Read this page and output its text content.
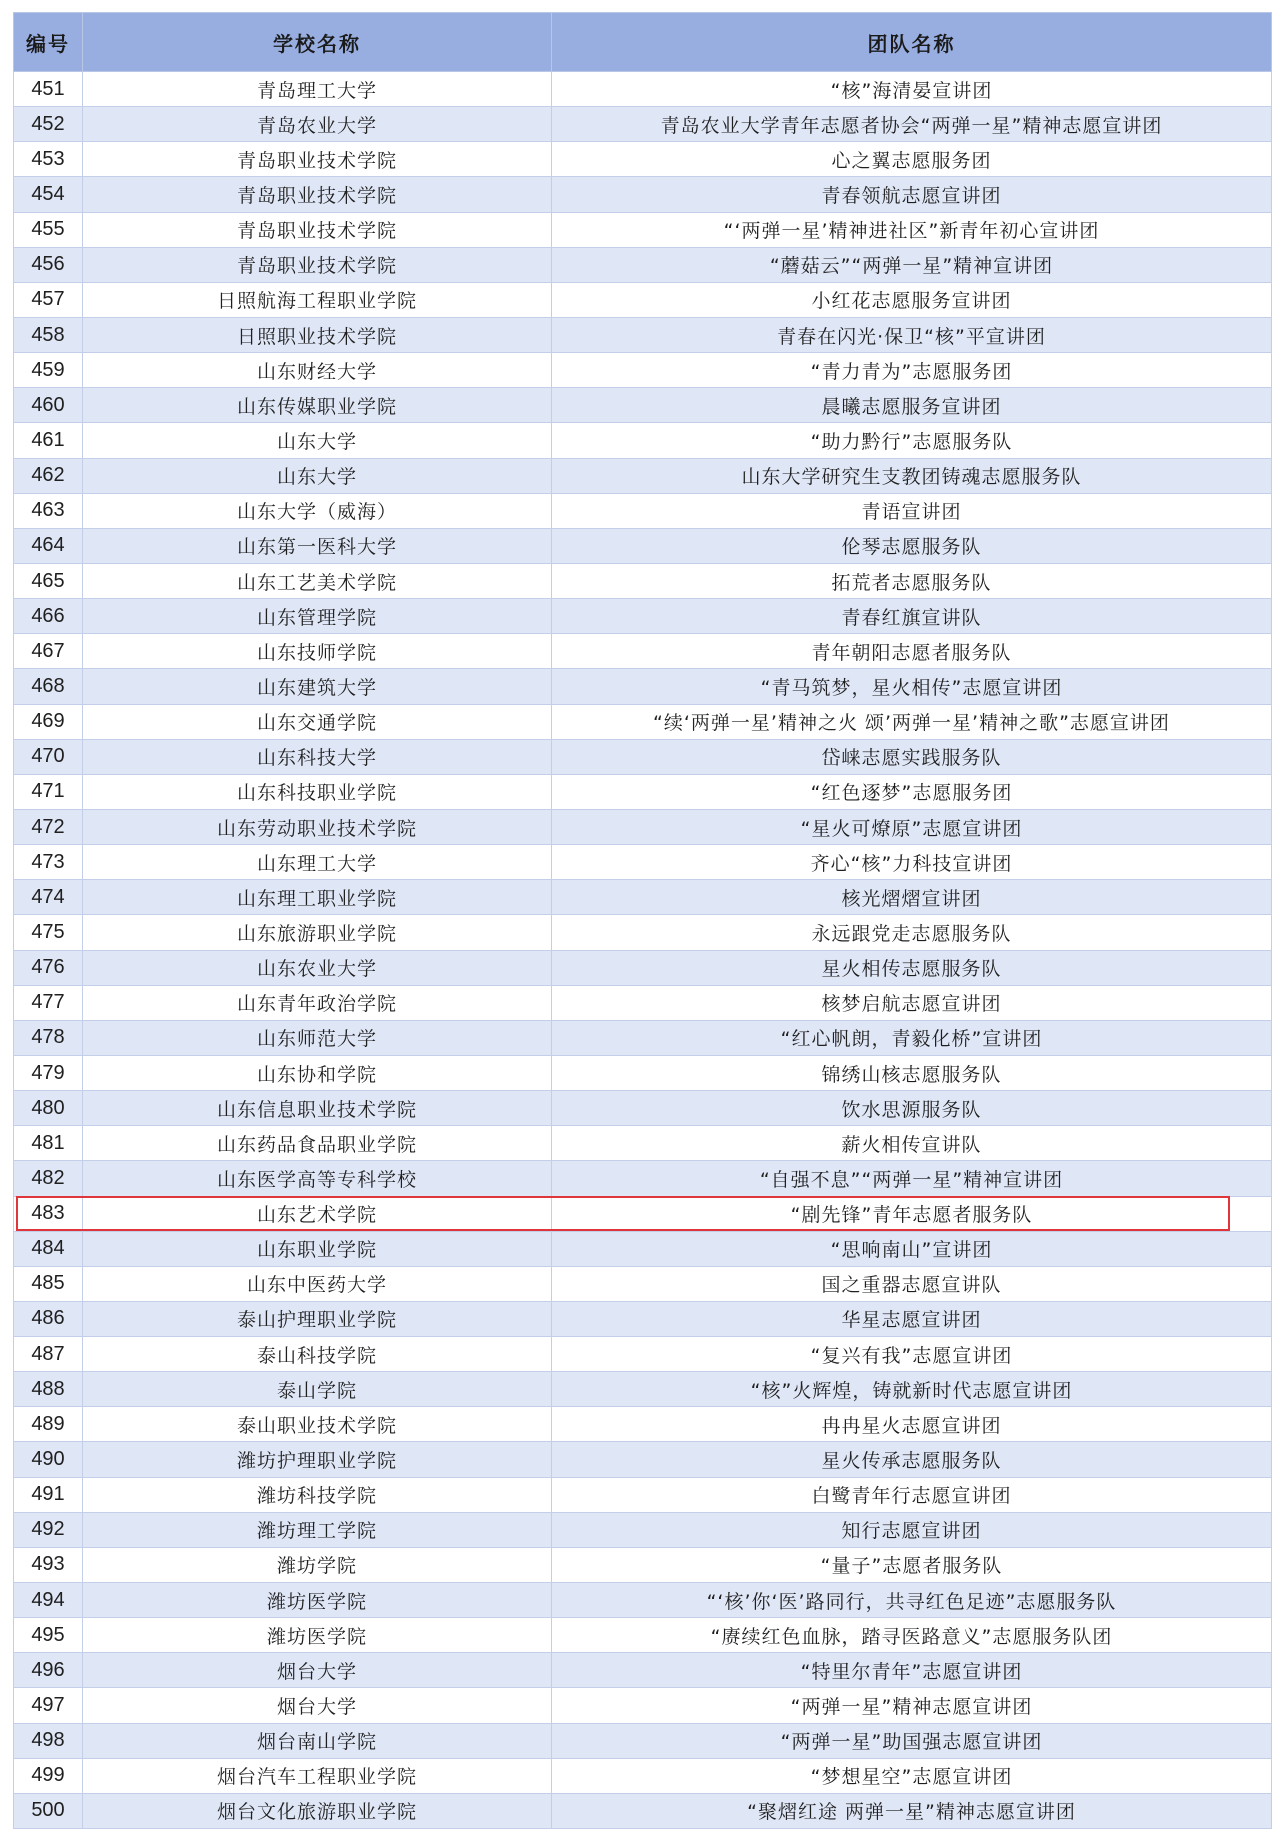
编号	学校名称	团队名称
451	青岛理工大学	“核”海清晏宣讲团
452	青岛农业大学	青岛农业大学青年志愿者协会“两弹一星”精神志愿宣讲团
453	青岛职业技术学院	心之翼志愿服务团
454	青岛职业技术学院	青春领航志愿宣讲团
455	青岛职业技术学院	“‘两弹一星’精神进社区”新青年初心宣讲团
456	青岛职业技术学院	“蘑菇云”“两弹一星”精神宣讲团
457	日照航海工程职业学院	小红花志愿服务宣讲团
458	日照职业技术学院	青春在闪光·保卫“核”平宣讲团
459	山东财经大学	“青力青为”志愿服务团
460	山东传媒职业学院	晨曦志愿服务宣讲团
461	山东大学	“助力黔行”志愿服务队
462	山东大学	山东大学研究生支教团铸魂志愿服务队
463	山东大学（威海）	青语宣讲团
464	山东第一医科大学	伦琴志愿服务队
465	山东工艺美术学院	拓荒者志愿服务队
466	山东管理学院	青春红旗宣讲队
467	山东技师学院	青年朝阳志愿者服务队
468	山东建筑大学	“青马筑梦，星火相传”志愿宣讲团
469	山东交通学院	“续‘两弹一星’精神之火 颂’两弹一星’精神之歌”志愿宣讲团
470	山东科技大学	岱崃志愿实践服务队
471	山东科技职业学院	“红色逐梦”志愿服务团
472	山东劳动职业技术学院	“星火可燎原”志愿宣讲团
473	山东理工大学	齐心“核”力科技宣讲团
474	山东理工职业学院	核光熠熠宣讲团
475	山东旅游职业学院	永远跟党走志愿服务队
476	山东农业大学	星火相传志愿服务队
477	山东青年政治学院	核梦启航志愿宣讲团
478	山东师范大学	“红心帆朗，青毅化桥”宣讲团
479	山东协和学院	锦绣山核志愿服务队
480	山东信息职业技术学院	饮水思源服务队
481	山东药品食品职业学院	薪火相传宣讲队
482	山东医学高等专科学校	“自强不息”“两弹一星”精神宣讲团
483	山东艺术学院	“剧先锋”青年志愿者服务队
484	山东职业学院	“思响南山”宣讲团
485	山东中医药大学	国之重器志愿宣讲队
486	泰山护理职业学院	华星志愿宣讲团
487	泰山科技学院	“复兴有我”志愿宣讲团
488	泰山学院	“核”火辉煌，铸就新时代志愿宣讲团
489	泰山职业技术学院	冉冉星火志愿宣讲团
490	潍坊护理职业学院	星火传承志愿服务队
491	潍坊科技学院	白鹭青年行志愿宣讲团
492	潍坊理工学院	知行志愿宣讲团
493	潍坊学院	“量子”志愿者服务队
494	潍坊医学院	“‘核’你‘医’路同行，共寻红色足迹”志愿服务队
495	潍坊医学院	“赓续红色血脉，踏寻医路意义”志愿服务队团
496	烟台大学	“特里尔青年”志愿宣讲团
497	烟台大学	“两弹一星”精神志愿宣讲团
498	烟台南山学院	“两弹一星”助国强志愿宣讲团
499	烟台汽车工程职业学院	“梦想星空”志愿宣讲团
500	烟台文化旅游职业学院	“聚熠红途 两弹一星”精神志愿宣讲团
